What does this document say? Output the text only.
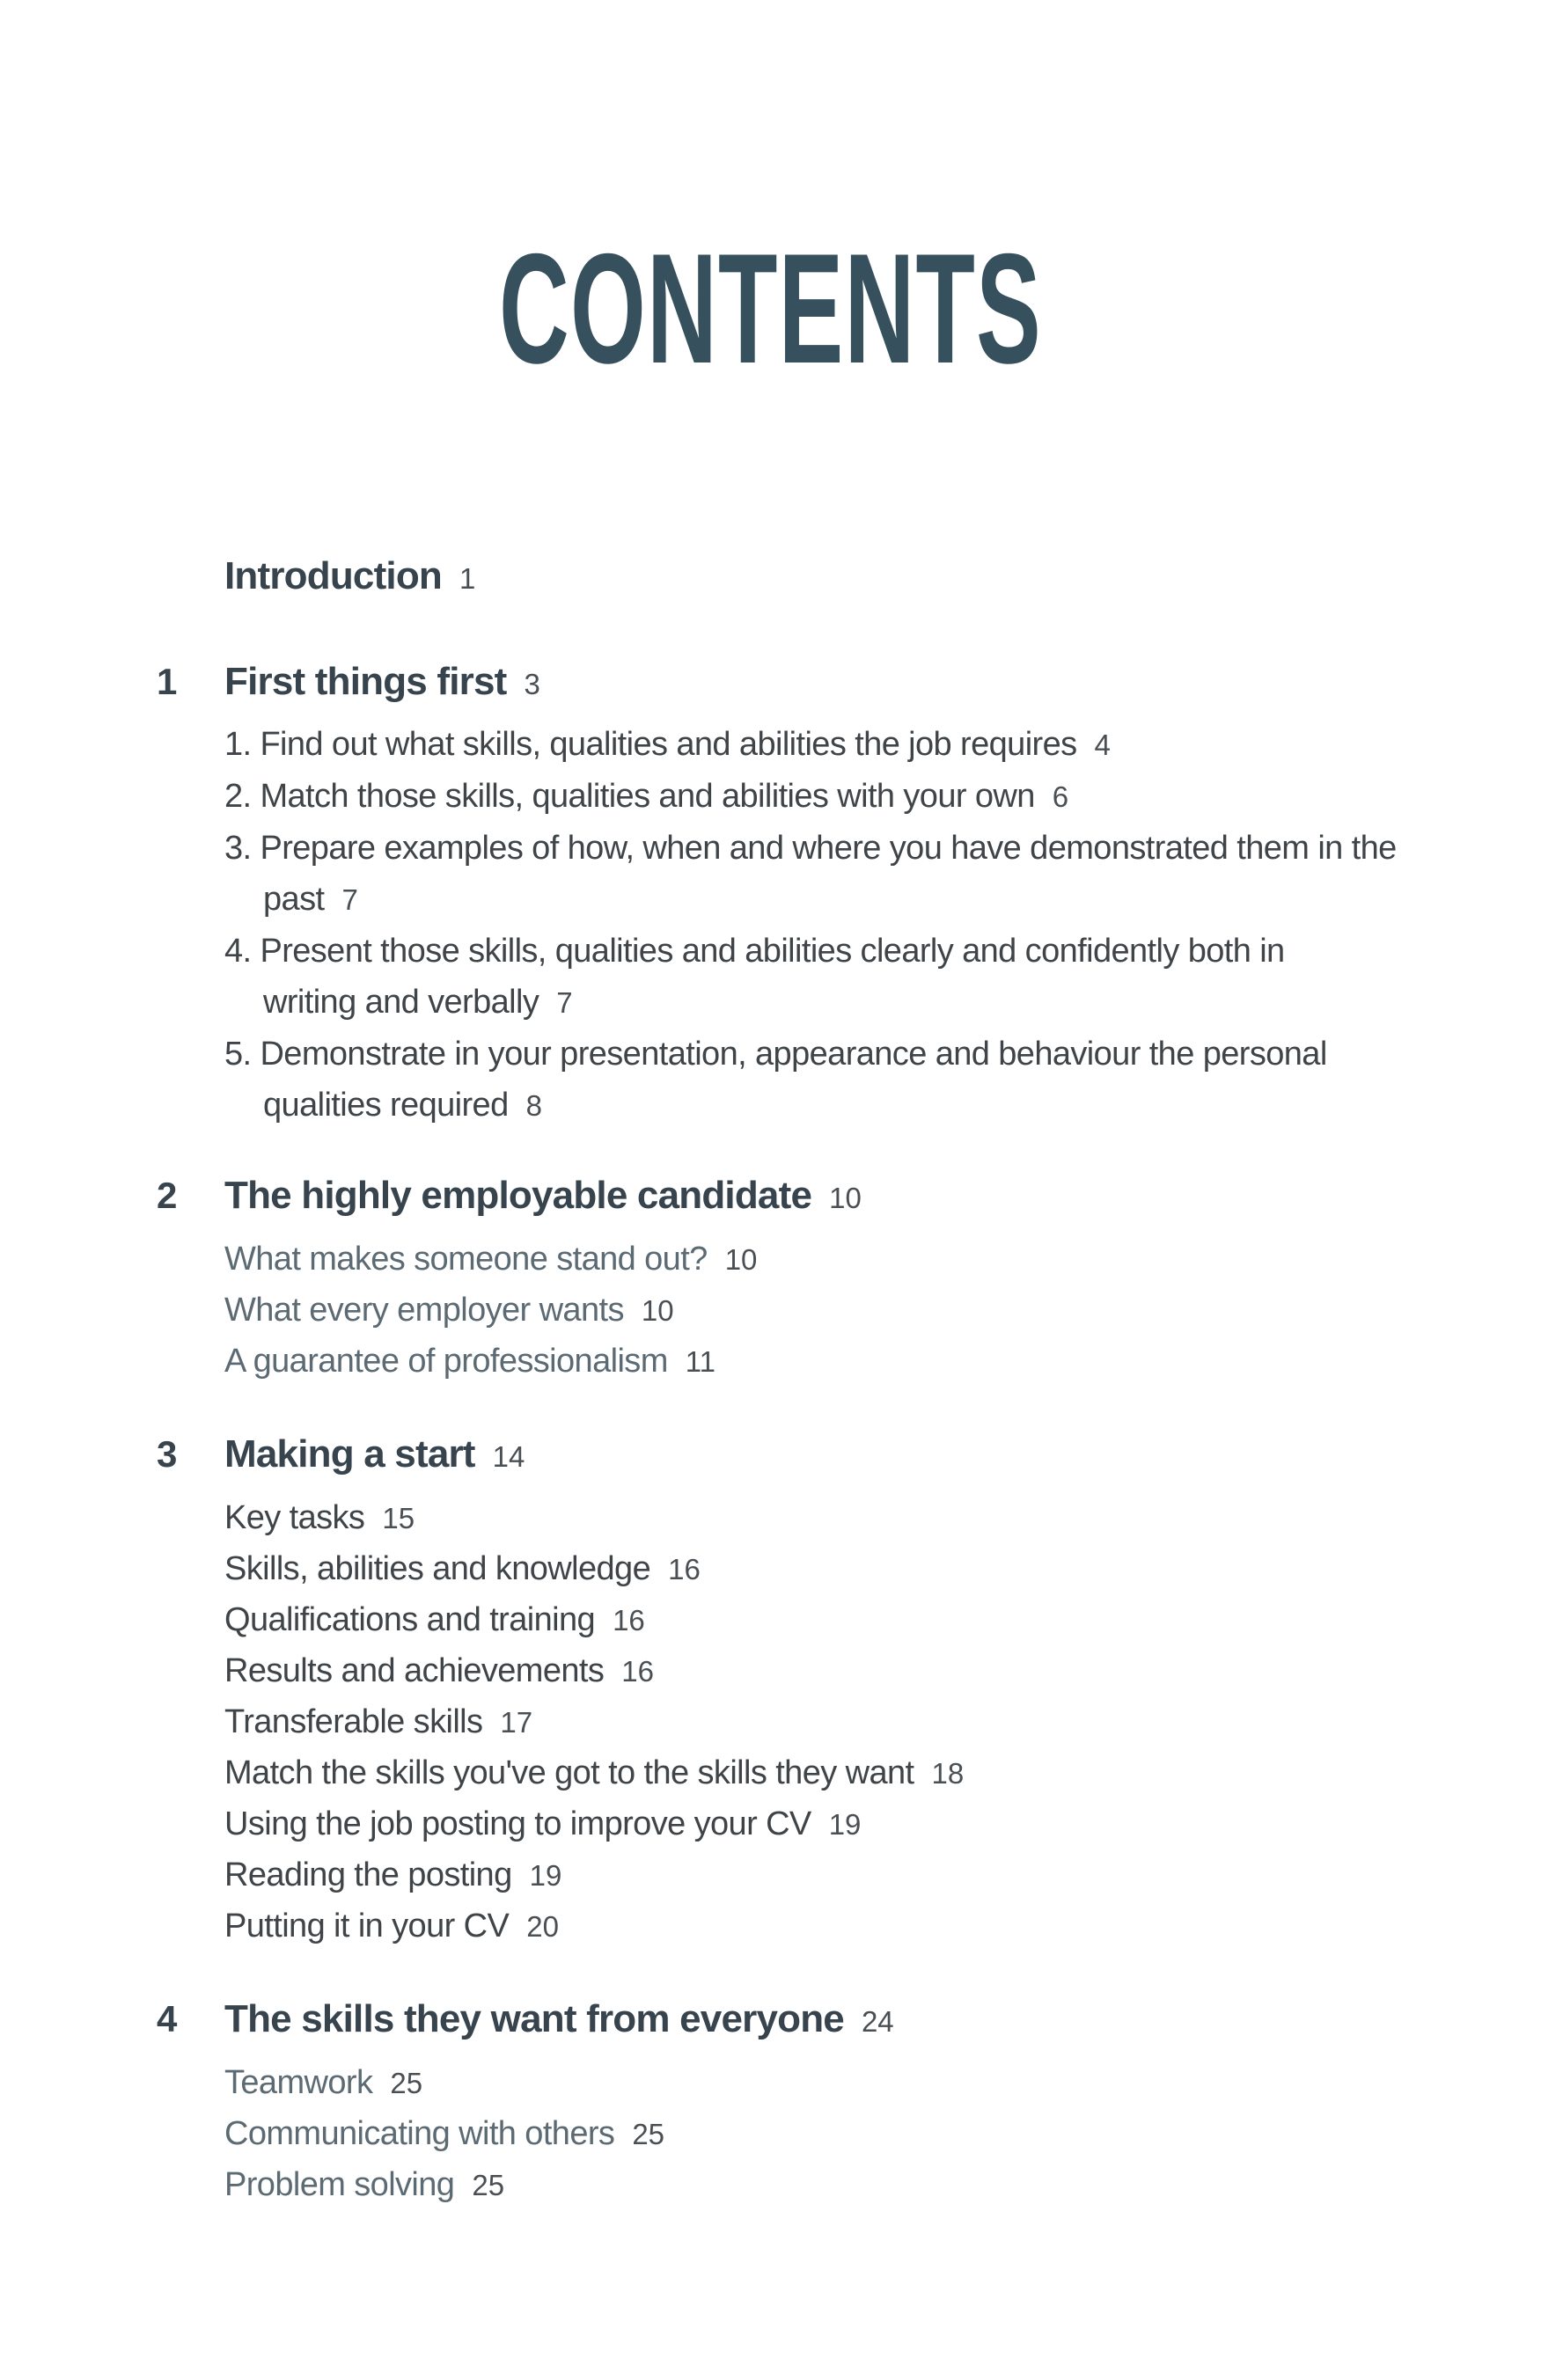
CONTENTS
Introduction 1
1 First things first 3
1. Find out what skills, qualities and abilities the job requires 4
2. Match those skills, qualities and abilities with your own 6
3. Prepare examples of how, when and where you have demonstrated them in the past 7
4. Present those skills, qualities and abilities clearly and confidently both in writing and verbally 7
5. Demonstrate in your presentation, appearance and behaviour the personal qualities required 8
2 The highly employable candidate 10
What makes someone stand out? 10
What every employer wants 10
A guarantee of professionalism 11
3 Making a start 14
Key tasks 15
Skills, abilities and knowledge 16
Qualifications and training 16
Results and achievements 16
Transferable skills 17
Match the skills you've got to the skills they want 18
Using the job posting to improve your CV 19
Reading the posting 19
Putting it in your CV 20
4 The skills they want from everyone 24
Teamwork 25
Communicating with others 25
Problem solving 25
